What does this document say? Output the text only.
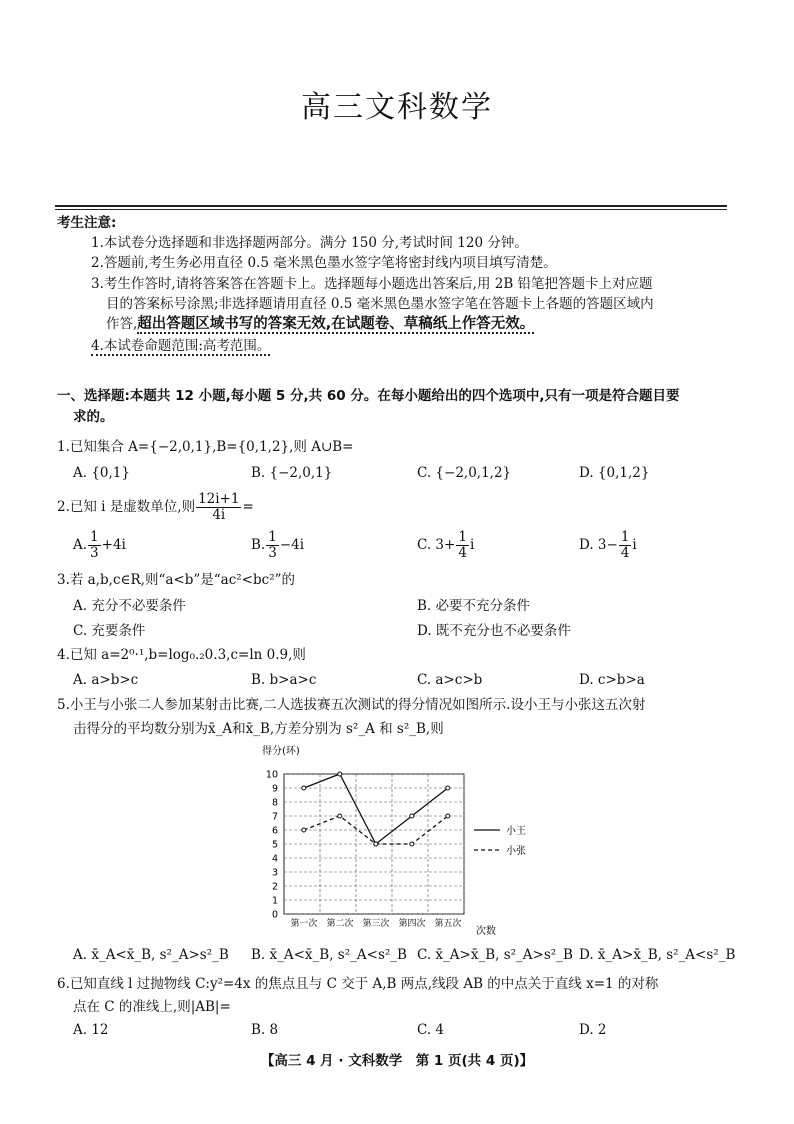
高三文科数学
考生注意:
1.本试卷分选择题和非选择题两部分。满分 150 分,考试时间 120 分钟。
2.答题前,考生务必用直径 0.5 毫米黑色墨水签字笔将密封线内项目填写清楚。
3.考生作答时,请将答案答在答题卡上。选择题每小题选出答案后,用 2B 铅笔把答题卡上对应题
目的答案标号涂黑;非选择题请用直径 0.5 毫米黑色墨水签字笔在答题卡上各题的答题区域内
作答,超出答题区域书写的答案无效,在试题卷、草稿纸上作答无效。
4.本试卷命题范围:高考范围。
一、选择题:本题共 12 小题,每小题 5 分,共 60 分。在每小题给出的四个选项中,只有一项是符合题目要
求的。
1.已知集合 A={−2,0,1},B={0,1,2},则 A∪B=
A. {0,1}	B. {−2,0,1}	C. {−2,0,1,2}	D. {0,1,2}
2.已知 i 是虚数单位,则 $\frac{12i+1}{4i}$ =
A. $\frac{1}{3} +4i$	B. $\frac{1}{3} -4i$	C. $3+ \frac{1}{4}$ i	D. $3- \frac{1}{4}$ i
3.若 a,b,c∈R,则“a<b”是“ac²<bc²”的
A. 充分不必要条件	B. 必要不充分条件
C. 充要条件	D. 既不充分也不必要条件
4.已知 a=2⁰·¹,b=log₀.₂0.3,c=ln 0.9,则
A. a>b>c	B. b>a>c	C. a>c>b	D. c>b>a
5.小王与小张二人参加某射击比赛,二人选拔赛五次测试的得分情况如图所示.设小王与小张这五次射
击得分的平均数分别为x̄_A和x̄_B,方差分别为 s²_A 和 s²_B,则
得分(环)
0
1
2
3
4
5
6
7
8
9
10
第一次 第二次 第三次 第四次 第五次
小王
小张
次数
A. x̄_A<x̄_B, s²_A>s²_B B. x̄_A<x̄_B, s²_A<s²_B C. x̄_A>x̄_B, s²_A>s²_B D. x̄_A>x̄_B, s²_A<s²_B
6.已知直线 l 过抛物线 C:y²=4x 的焦点且与 C 交于 A,B 两点,线段 AB 的中点关于直线 x=1 的对称
点在 C 的准线上,则|AB|=
A. 12	B. 8	C. 4	D. 2
【高三 4 月 · 文科数学　第 1 页(共 4 页)】
